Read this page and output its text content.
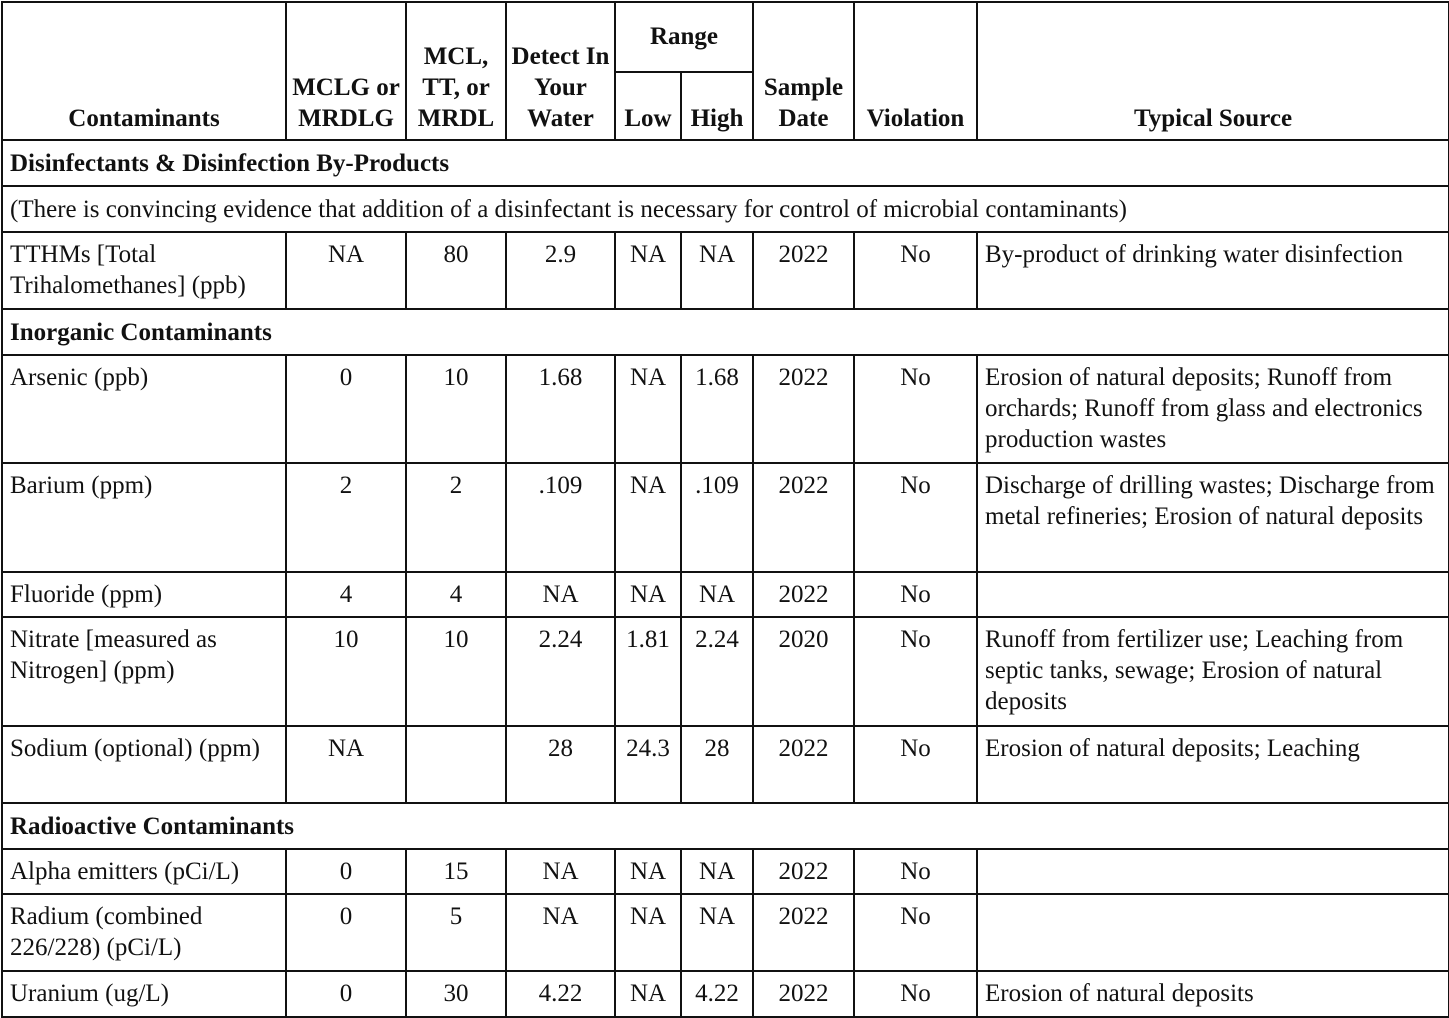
Contaminants	MCLG or MRDLG	MCL, TT, or MRDL	Detect In Your Water	Range		Sample Date	Violation	Typical Source
				Low	High			
Disinfectants & Disinfection By-Products								
(There is convincing evidence that addition of a disinfectant is necessary for control of microbial contaminants)								
TTHMs [Total Trihalomethanes] (ppb)	NA	80	2.9	NA	NA	2022	No	By-product of drinking water disinfection
Inorganic Contaminants								
Arsenic (ppb)	0	10	1.68	NA	1.68	2022	No	Erosion of natural deposits; Runoff from orchards; Runoff from glass and electronics production wastes
Barium (ppm)	2	2	.109	NA	.109	2022	No	Discharge of drilling wastes; Discharge from metal refineries; Erosion of natural deposits
Fluoride (ppm)	4	4	NA	NA	NA	2022	No	
Nitrate [measured as Nitrogen] (ppm)	10	10	2.24	1.81	2.24	2020	No	Runoff from fertilizer use; Leaching from septic tanks, sewage; Erosion of natural deposits
Sodium (optional) (ppm)	NA		28	24.3	28	2022	No	Erosion of natural deposits; Leaching
Radioactive Contaminants								
Alpha emitters (pCi/L)	0	15	NA	NA	NA	2022	No	
Radium (combined 226/228) (pCi/L)	0	5	NA	NA	NA	2022	No	
Uranium (ug/L)	0	30	4.22	NA	4.22	2022	No	Erosion of natural deposits
